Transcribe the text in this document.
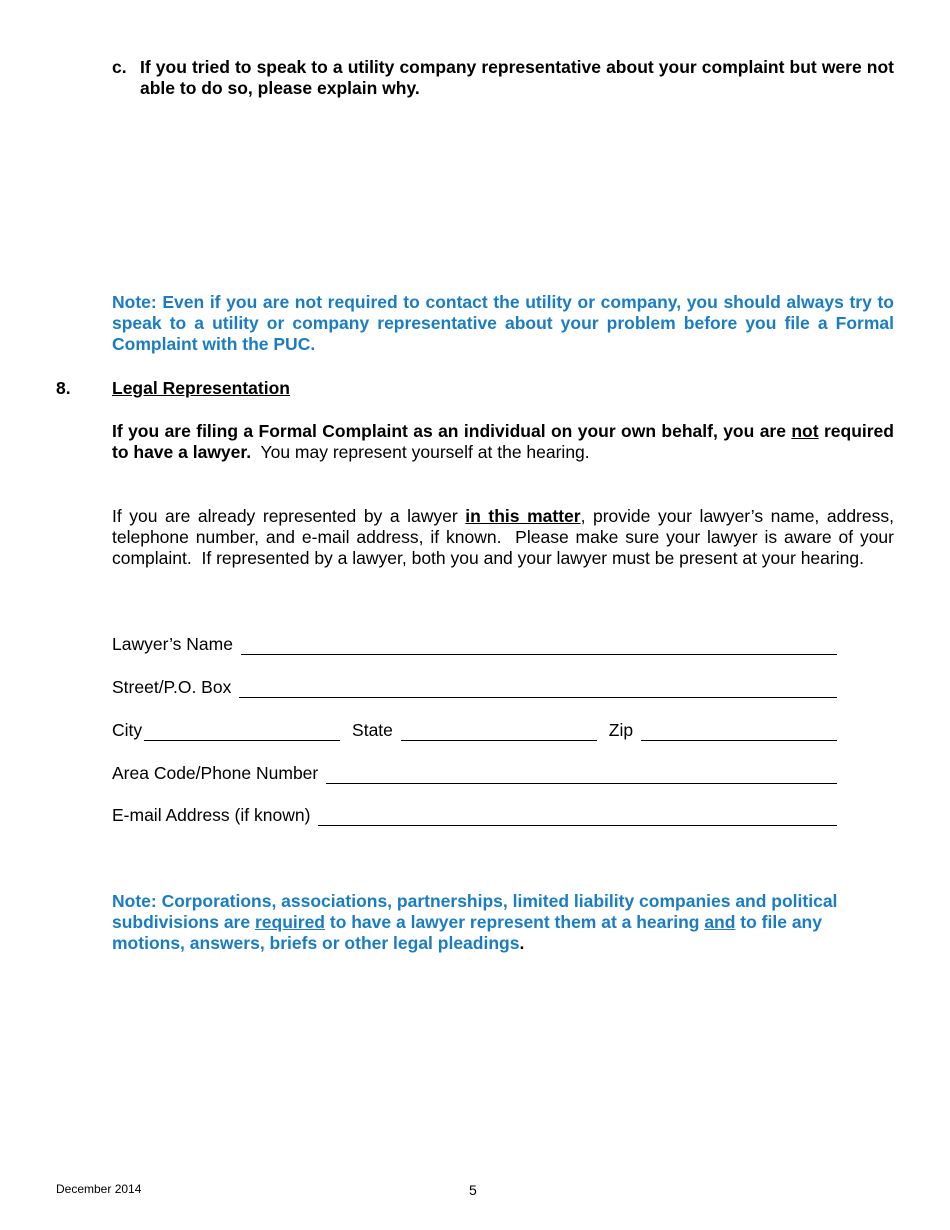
c. If you tried to speak to a utility company representative about your complaint but were not able to do so, please explain why.
Note: Even if you are not required to contact the utility or company, you should always try to speak to a utility or company representative about your problem before you file a Formal Complaint with the PUC.
8. Legal Representation
If you are filing a Formal Complaint as an individual on your own behalf, you are not required to have a lawyer.  You may represent yourself at the hearing.
If you are already represented by a lawyer in this matter, provide your lawyer’s name, address, telephone number, and e-mail address, if known.  Please make sure your lawyer is aware of your complaint.  If represented by a lawyer, both you and your lawyer must be present at your hearing.
Lawyer’s Name
Street/P.O. Box
City	State	Zip
Area Code/Phone Number
E-mail Address (if known)
Note: Corporations, associations, partnerships, limited liability companies and political subdivisions are required to have a lawyer represent them at a hearing and to file any motions, answers, briefs or other legal pleadings.
December 2014	5
